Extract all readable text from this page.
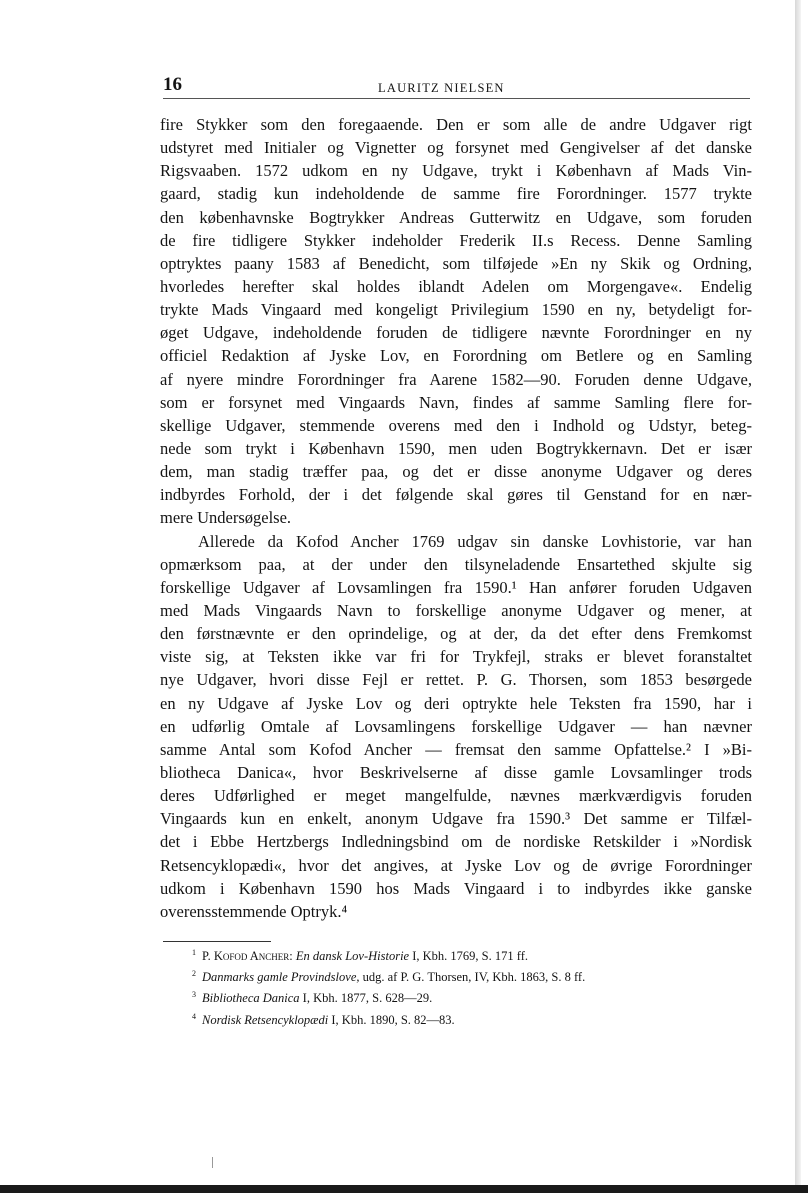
16	LAURITZ NIELSEN
fire Stykker som den foregaaende. Den er som alle de andre Udgaver rigt
udstyret med Initialer og Vignetter og forsynet med Gengivelser af det danske
Rigsvaaben. 1572 udkom en ny Udgave, trykt i København af Mads Vin-
gaard, stadig kun indeholdende de samme fire Forordninger. 1577 trykte
den københavnske Bogtrykker Andreas Gutterwitz en Udgave, som foruden
de fire tidligere Stykker indeholder Frederik II.s Recess. Denne Samling
optryktes paany 1583 af Benedicht, som tilføjede »En ny Skik og Ordning,
hvorledes herefter skal holdes iblandt Adelen om Morgengave«. Endelig
trykte Mads Vingaard med kongeligt Privilegium 1590 en ny, betydeligt for-
øget Udgave, indeholdende foruden de tidligere nævnte Forordninger en ny
officiel Redaktion af Jyske Lov, en Forordning om Betlere og en Samling
af nyere mindre Forordninger fra Aarene 1582—90. Foruden denne Udgave,
som er forsynet med Vingaards Navn, findes af samme Samling flere for-
skellige Udgaver, stemmende overens med den i Indhold og Udstyr, beteg-
nede som trykt i København 1590, men uden Bogtrykkernavn. Det er især
dem, man stadig træffer paa, og det er disse anonyme Udgaver og deres
indbyrdes Forhold, der i det følgende skal gøres til Genstand for en nær-
mere Undersøgelse.
Allerede da Kofod Ancher 1769 udgav sin danske Lovhistorie, var han
opmærksom paa, at der under den tilsyneladende Ensartethed skjulte sig
forskellige Udgaver af Lovsamlingen fra 1590.¹ Han anfører foruden Udgaven
med Mads Vingaards Navn to forskellige anonyme Udgaver og mener, at
den førstnævnte er den oprindelige, og at der, da det efter dens Fremkomst
viste sig, at Teksten ikke var fri for Trykfejl, straks er blevet foranstaltet
nye Udgaver, hvori disse Fejl er rettet. P. G. Thorsen, som 1853 besørgede
en ny Udgave af Jyske Lov og deri optrykte hele Teksten fra 1590, har i
en udførlig Omtale af Lovsamlingens forskellige Udgaver — han nævner
samme Antal som Kofod Ancher — fremsat den samme Opfattelse.² I »Bi-
bliotheca Danica«, hvor Beskrivelserne af disse gamle Lovsamlinger trods
deres Udførlighed er meget mangelfulde, nævnes mærkværdigvis foruden
Vingaards kun en enkelt, anonym Udgave fra 1590.³ Det samme er Tilfæl-
det i Ebbe Hertzbergs Indledningsbind om de nordiske Retskilder i »Nordisk
Retsencyklopædi«, hvor det angives, at Jyske Lov og de øvrige Forordninger
udkom i København 1590 hos Mads Vingaard i to indbyrdes ikke ganske
overensstemmende Optryk.⁴
$^1$ P. Kofod Ancher: En dansk Lov-Historie I, Kbh. 1769, S. 171 ff.
$^2$ Danmarks gamle Provindslove, udg. af P. G. Thorsen, IV, Kbh. 1863, S. 8 ff.
$^3$ Bibliotheca Danica I, Kbh. 1877, S. 628—29.
$^4$ Nordisk Retsencyklopædi I, Kbh. 1890, S. 82—83.
